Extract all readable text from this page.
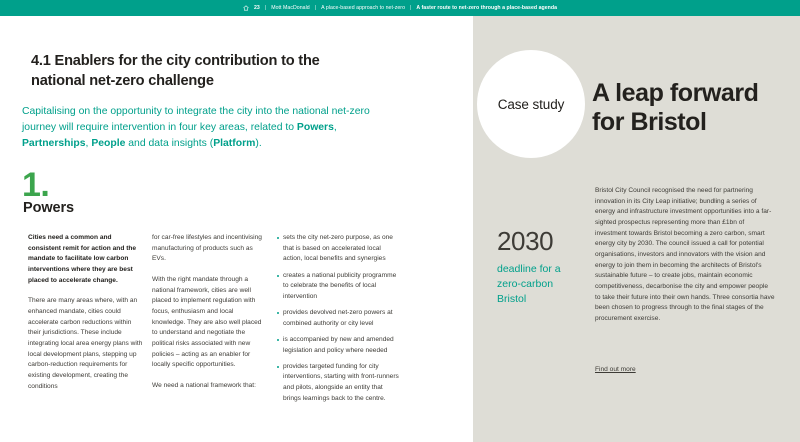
23 | Mott MacDonald | A place-based approach to net-zero | A faster route to net-zero through a place-based agenda
Case study A leap forward for Bristol
2030
deadline for a zero-carbon Bristol
Bristol City Council recognised the need for partnering innovation in its City Leap initiative; bundling a series of energy and infrastructure investment opportunities into a far-sighted prospectus representing more than £1bn of investment towards Bristol becoming a zero carbon, smart energy city by 2030. The council issued a call for potential organisations, investors and innovators with the vision and energy to join them in becoming the architects of Bristol's sustainable future – to create jobs, maintain economic competitiveness, decarbonise the city and empower people to take their future into their own hands. Three consortia have been chosen to progress through to the final stages of the procurement exercise.
Find out more
4.1 Enablers for the city contribution to the national net-zero challenge
Capitalising on the opportunity to integrate the city into the national net-zero journey will require intervention in four key areas, related to Powers, Partnerships, People and data insights (Platform).
1.
Powers

Cities need a common and consistent remit for action and the mandate to facilitate low carbon interventions where they are best placed to accelerate change.

There are many areas where, with an enhanced mandate, cities could accelerate carbon reductions within their jurisdictions. These include integrating local area energy plans with local development plans, stepping up carbon-reduction requirements for existing development, creating the conditions

for car-free lifestyles and incentivising manufacturing of products such as EVs.

With the right mandate through a national framework, cities are well placed to implement regulation with focus, enthusiasm and local knowledge. They are also well placed to understand and negotiate the political risks associated with new policies – acting as an enabler for locally specific opportunities.

We need a national framework that:

sets the city net-zero purpose, as one that is based on accelerated local action, local benefits and synergies
creates a national publicity programme to celebrate the benefits of local intervention
provides devolved net-zero powers at combined authority or city level
is accompanied by new and amended legislation and policy where needed
provides targeted funding for city interventions, starting with front-runners and pilots, alongside an entity that brings learnings back to the centre.
